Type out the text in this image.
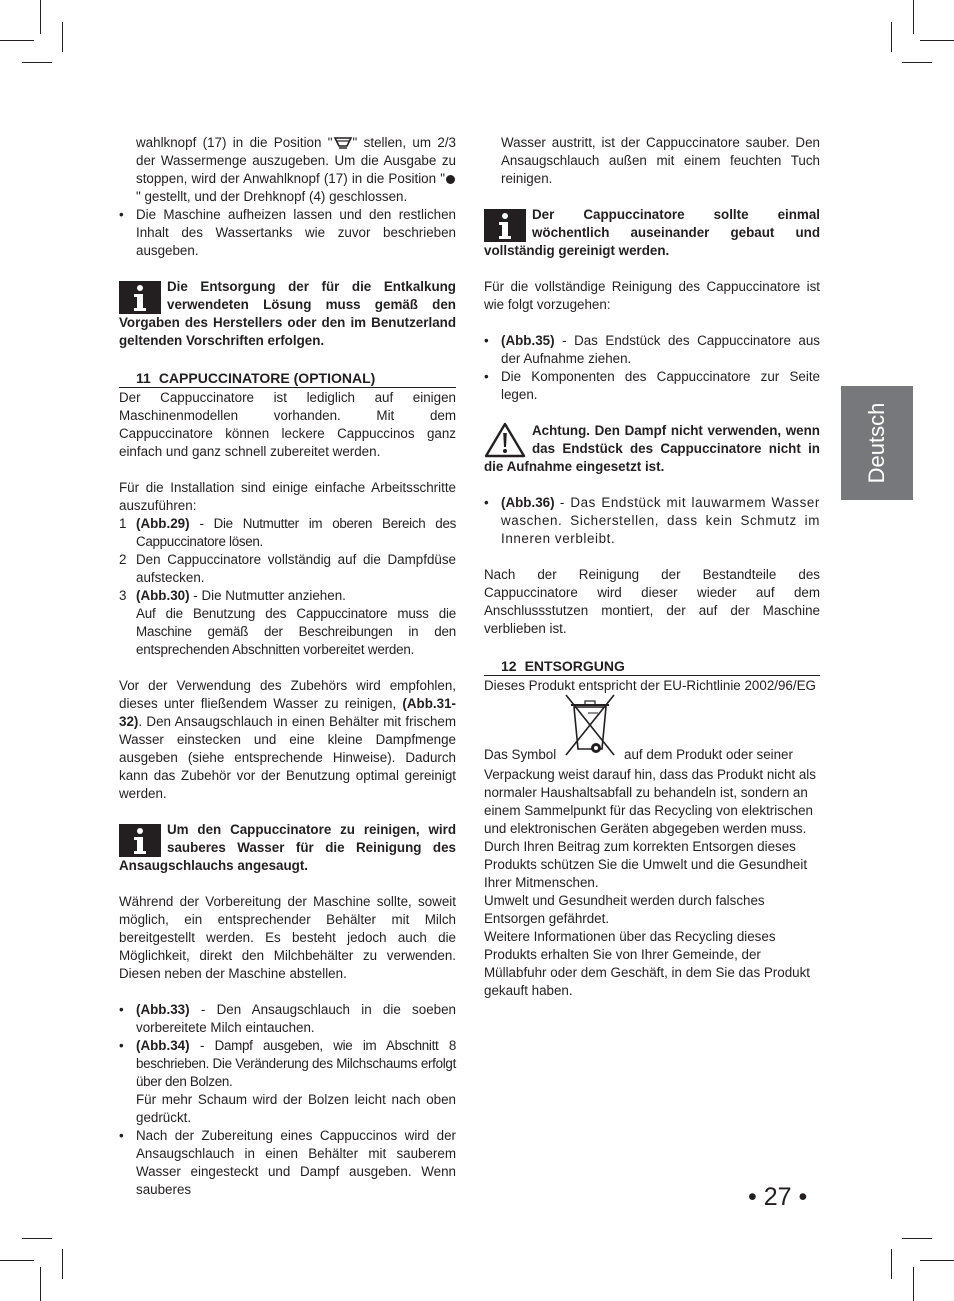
wahlknopf (17) in die Position " " stellen, um 2/3 der Wassermenge auszugeben. Um die Ausgabe zu stoppen, wird der Anwahlknopf (17) in die Position "" gestellt, und der Drehknopf (4) geschlossen.

• Die Maschine aufheizen lassen und den restlichen Inhalt des Wassertanks wie zuvor beschrieben ausgeben.

Die Entsorgung der für die Entkalkung verwendeten Lösung muss gemäß den Vorgaben des Herstellers oder den im Benutzerland geltenden Vorschriften erfolgen.

11 CAPPUCCINATORE (OPTIONAL)

Der Cappuccinatore ist lediglich auf einigen Maschinenmodellen vorhanden. Mit dem Cappuccinatore können leckere Cappuccinos ganz einfach und ganz schnell zubereitet werden.

Für die Installation sind einige einfache Arbeitsschritte auszuführen:

1 (Abb.29) - Die Nutmutter im oberen Bereich des Cappuccinatore lösen.
2 Den Cappuccinatore vollständig auf die Dampfdüse aufstecken.
3 (Abb.30) - Die Nutmutter anziehen.

Auf die Benutzung des Cappuccinatore muss die Maschine gemäß der Beschreibungen in den entsprechenden Abschnitten vorbereitet werden.

Vor der Verwendung des Zubehörs wird empfohlen, dieses unter fließendem Wasser zu reinigen, (Abb.31-32). Den Ansaugschlauch in einen Behälter mit frischem Wasser einstecken und eine kleine Dampfmenge ausgeben (siehe entsprechende Hinweise). Dadurch kann das Zubehör vor der Benutzung optimal gereinigt werden.

Um den Cappuccinatore zu reinigen, wird sauberes Wasser für die Reinigung des Ansaugschlauchs angesaugt.

Während der Vorbereitung der Maschine sollte, soweit möglich, ein entsprechender Behälter mit Milch bereitgestellt werden. Es besteht jedoch auch die Möglichkeit, direkt den Milchbehälter zu verwenden. Diesen neben der Maschine abstellen.

• (Abb.33) - Den Ansaugschlauch in die soeben vorbereitete Milch eintauchen.
• (Abb.34) - Dampf ausgeben, wie im Abschnitt 8 beschrieben. Die Veränderung des Milchschaums erfolgt über den Bolzen.

Für mehr Schaum wird der Bolzen leicht nach oben gedrückt.

• Nach der Zubereitung eines Cappuccinos wird der Ansaugschlauch in einen Behälter mit sauberem Wasser eingesteckt und Dampf ausgeben. Wenn sauberes

Wasser austritt, ist der Cappuccinatore sauber. Den Ansaugschlauch außen mit einem feuchten Tuch reinigen.

Der Cappuccinatore sollte einmal wöchentlich auseinander gebaut und vollständig gereinigt werden.

Für die vollständige Reinigung des Cappuccinatore ist wie folgt vorzugehen:

• (Abb.35) - Das Endstück des Cappuccinatore aus der Aufnahme ziehen.
• Die Komponenten des Cappuccinatore zur Seite legen.

Achtung. Den Dampf nicht verwenden, wenn das Endstück des Cappuccinatore nicht in die Aufnahme eingesetzt ist.

• (Abb.36) - Das Endstück mit lauwarmem Wasser waschen. Sicherstellen, dass kein Schmutz im Inneren verbleibt.

Nach der Reinigung der Bestandteile des Cappuccinatore wird dieser wieder auf dem Anschlussstutzen montiert, der auf der Maschine verblieben ist.

12 ENTSORGUNG

Dieses Produkt entspricht der EU-Richtlinie 2002/96/EG

Das Symbol	auf dem Produkt oder seiner

Verpackung weist darauf hin, dass das Produkt nicht als normaler Haushaltsabfall zu behandeln ist, sondern an einem Sammelpunkt für das Recycling von elektrischen und elektronischen Geräten abgegeben werden muss. Durch Ihren Beitrag zum korrekten Entsorgen dieses Produkts schützen Sie die Umwelt und die Gesundheit Ihrer Mitmenschen.

Umwelt und Gesundheit werden durch falsches Entsorgen gefährdet.

Weitere Informationen über das Recycling dieses Produkts erhalten Sie von Ihrer Gemeinde, der Müllabfuhr oder dem Geschäft, in dem Sie das Produkt gekauft haben.

Deutsch
• 27 •
